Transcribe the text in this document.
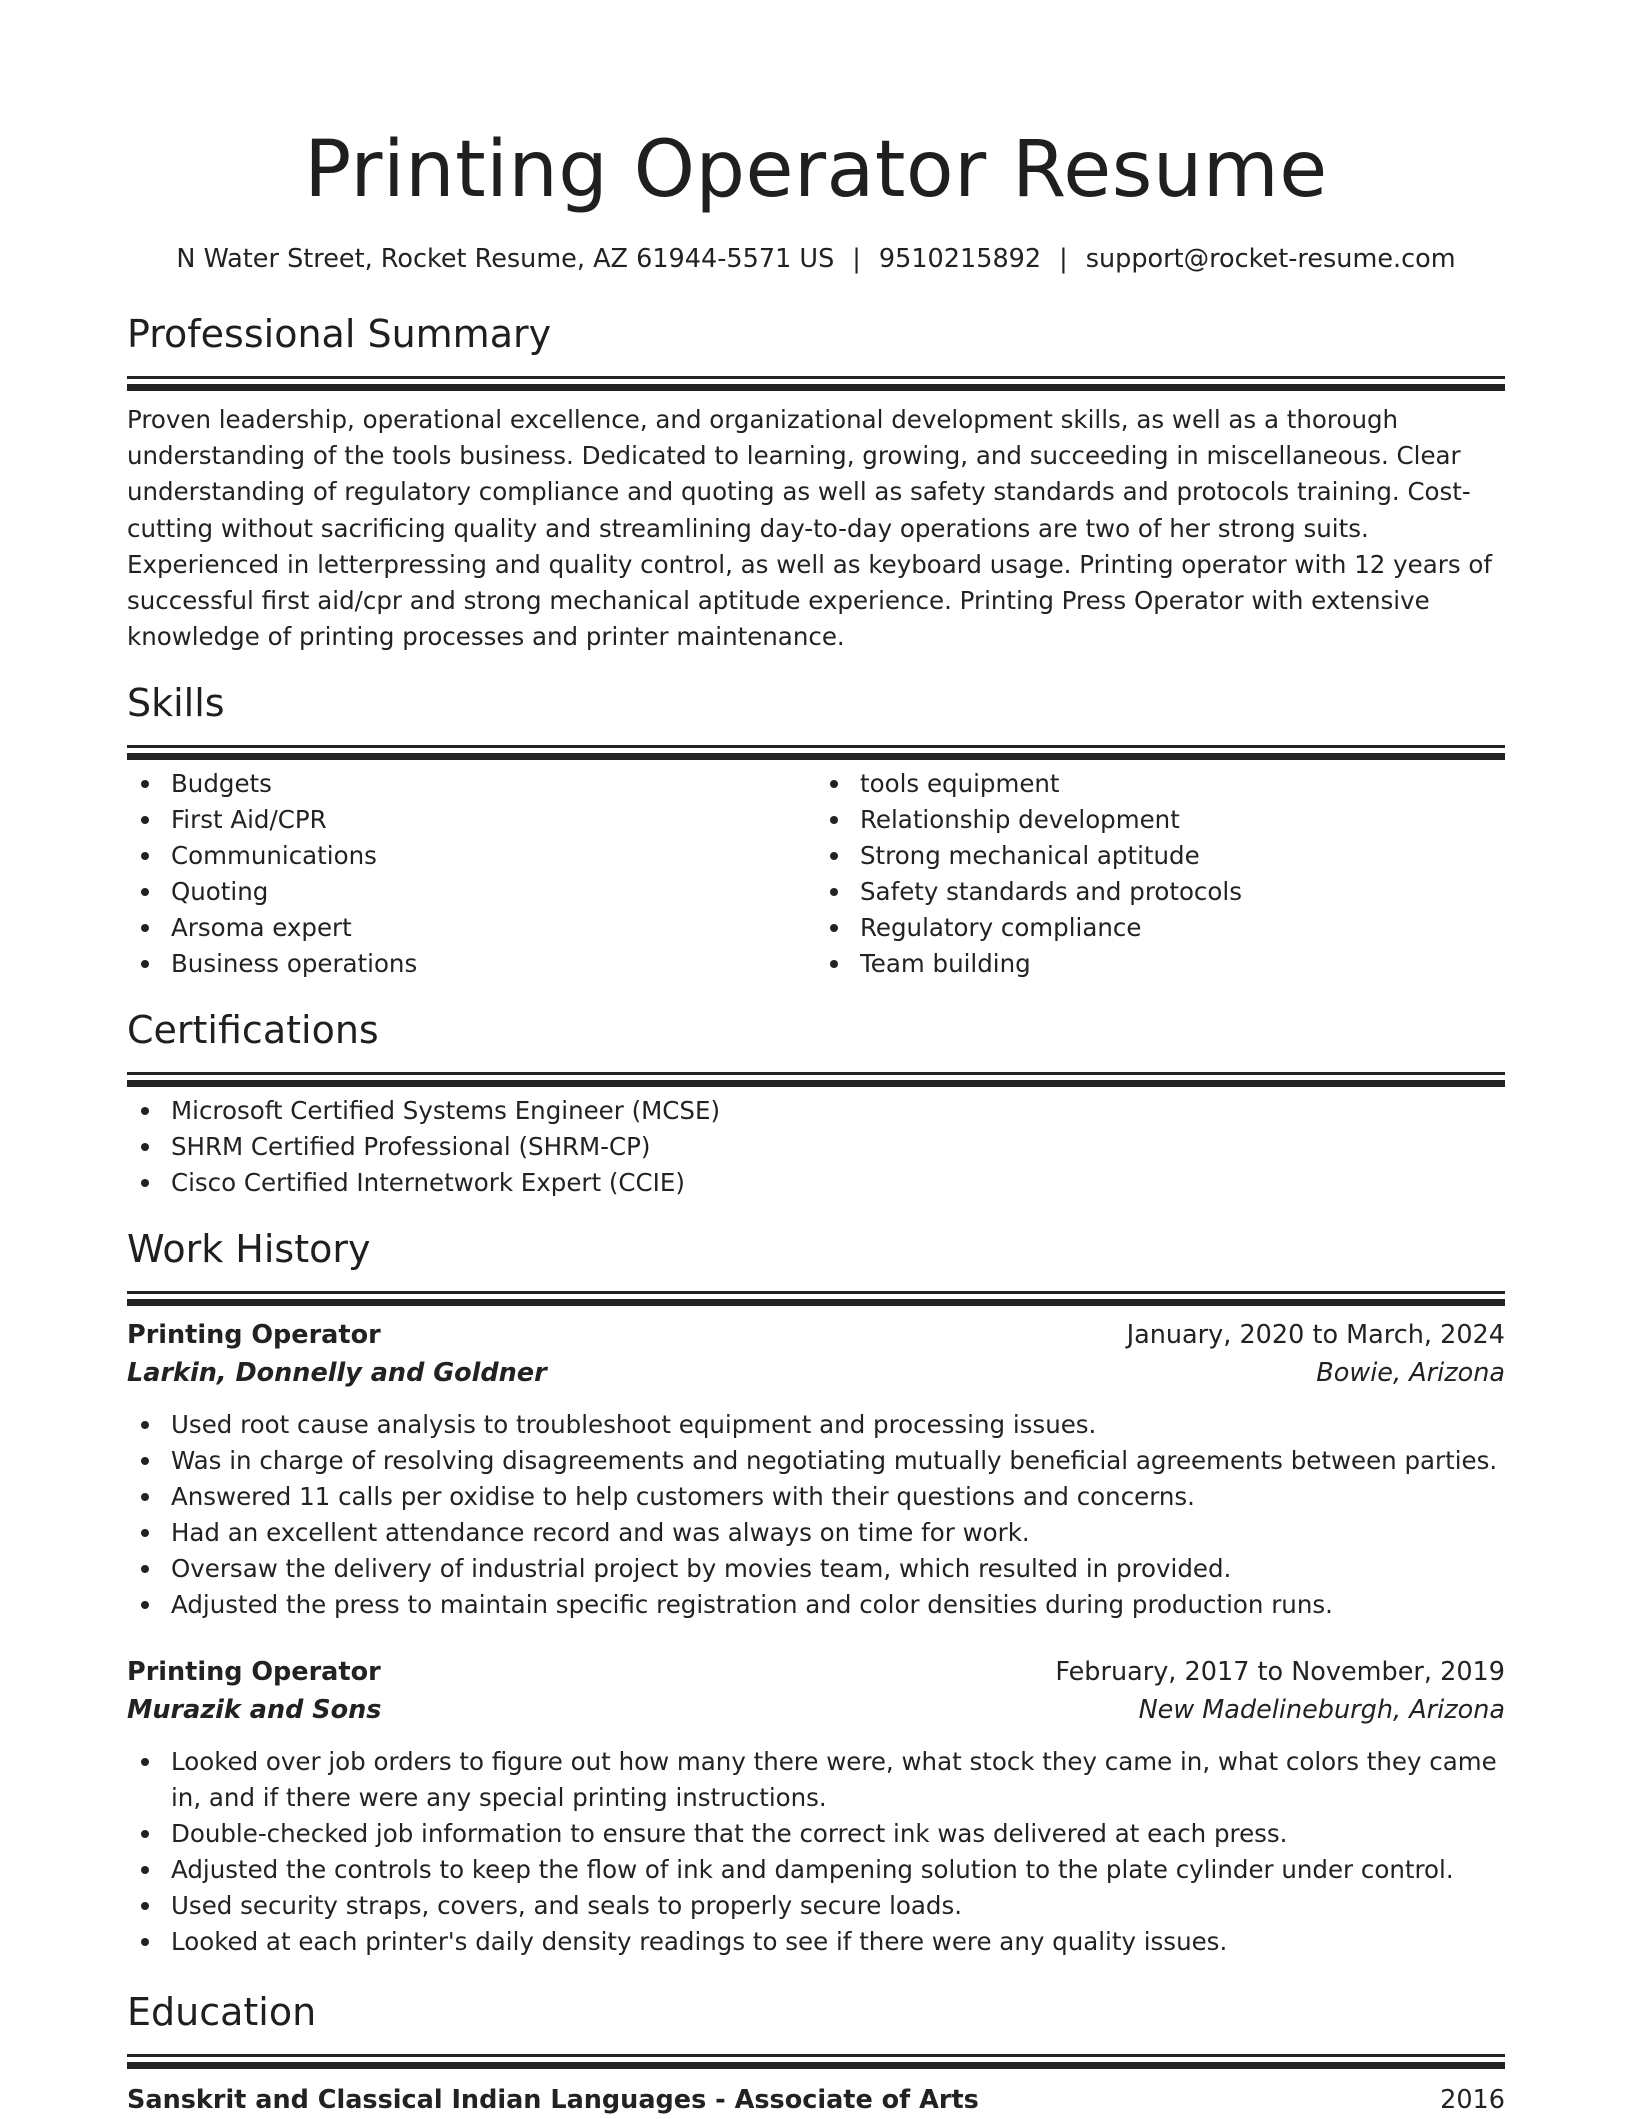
Printing Operator Resume
N Water Street, Rocket Resume, AZ 61944-5571 US | 9510215892 | support@rocket-resume.com
Professional Summary
Proven leadership, operational excellence, and organizational development skills, as well as a thorough understanding of the tools business. Dedicated to learning, growing, and succeeding in miscellaneous. Clear understanding of regulatory compliance and quoting as well as safety standards and protocols training. Cost-cutting without sacrificing quality and streamlining day-to-day operations are two of her strong suits. Experienced in letterpressing and quality control, as well as keyboard usage. Printing operator with 12 years of successful first aid/cpr and strong mechanical aptitude experience. Printing Press Operator with extensive knowledge of printing processes and printer maintenance.
Skills
Budgets
First Aid/CPR
Communications
Quoting
Arsoma expert
Business operations
tools equipment
Relationship development
Strong mechanical aptitude
Safety standards and protocols
Regulatory compliance
Team building
Certifications
Microsoft Certified Systems Engineer (MCSE)
SHRM Certified Professional (SHRM-CP)
Cisco Certified Internetwork Expert (CCIE)
Work History
Printing Operator	January, 2020 to March, 2024
Larkin, Donnelly and Goldner	Bowie, Arizona
Used root cause analysis to troubleshoot equipment and processing issues.
Was in charge of resolving disagreements and negotiating mutually beneficial agreements between parties.
Answered 11 calls per oxidise to help customers with their questions and concerns.
Had an excellent attendance record and was always on time for work.
Oversaw the delivery of industrial project by movies team, which resulted in provided.
Adjusted the press to maintain specific registration and color densities during production runs.
Printing Operator	February, 2017 to November, 2019
Murazik and Sons	New Madelineburgh, Arizona
Looked over job orders to figure out how many there were, what stock they came in, what colors they came in, and if there were any special printing instructions.
Double-checked job information to ensure that the correct ink was delivered at each press.
Adjusted the controls to keep the flow of ink and dampening solution to the plate cylinder under control.
Used security straps, covers, and seals to properly secure loads.
Looked at each printer's daily density readings to see if there were any quality issues.
Education
Sanskrit and Classical Indian Languages - Associate of Arts	2016
